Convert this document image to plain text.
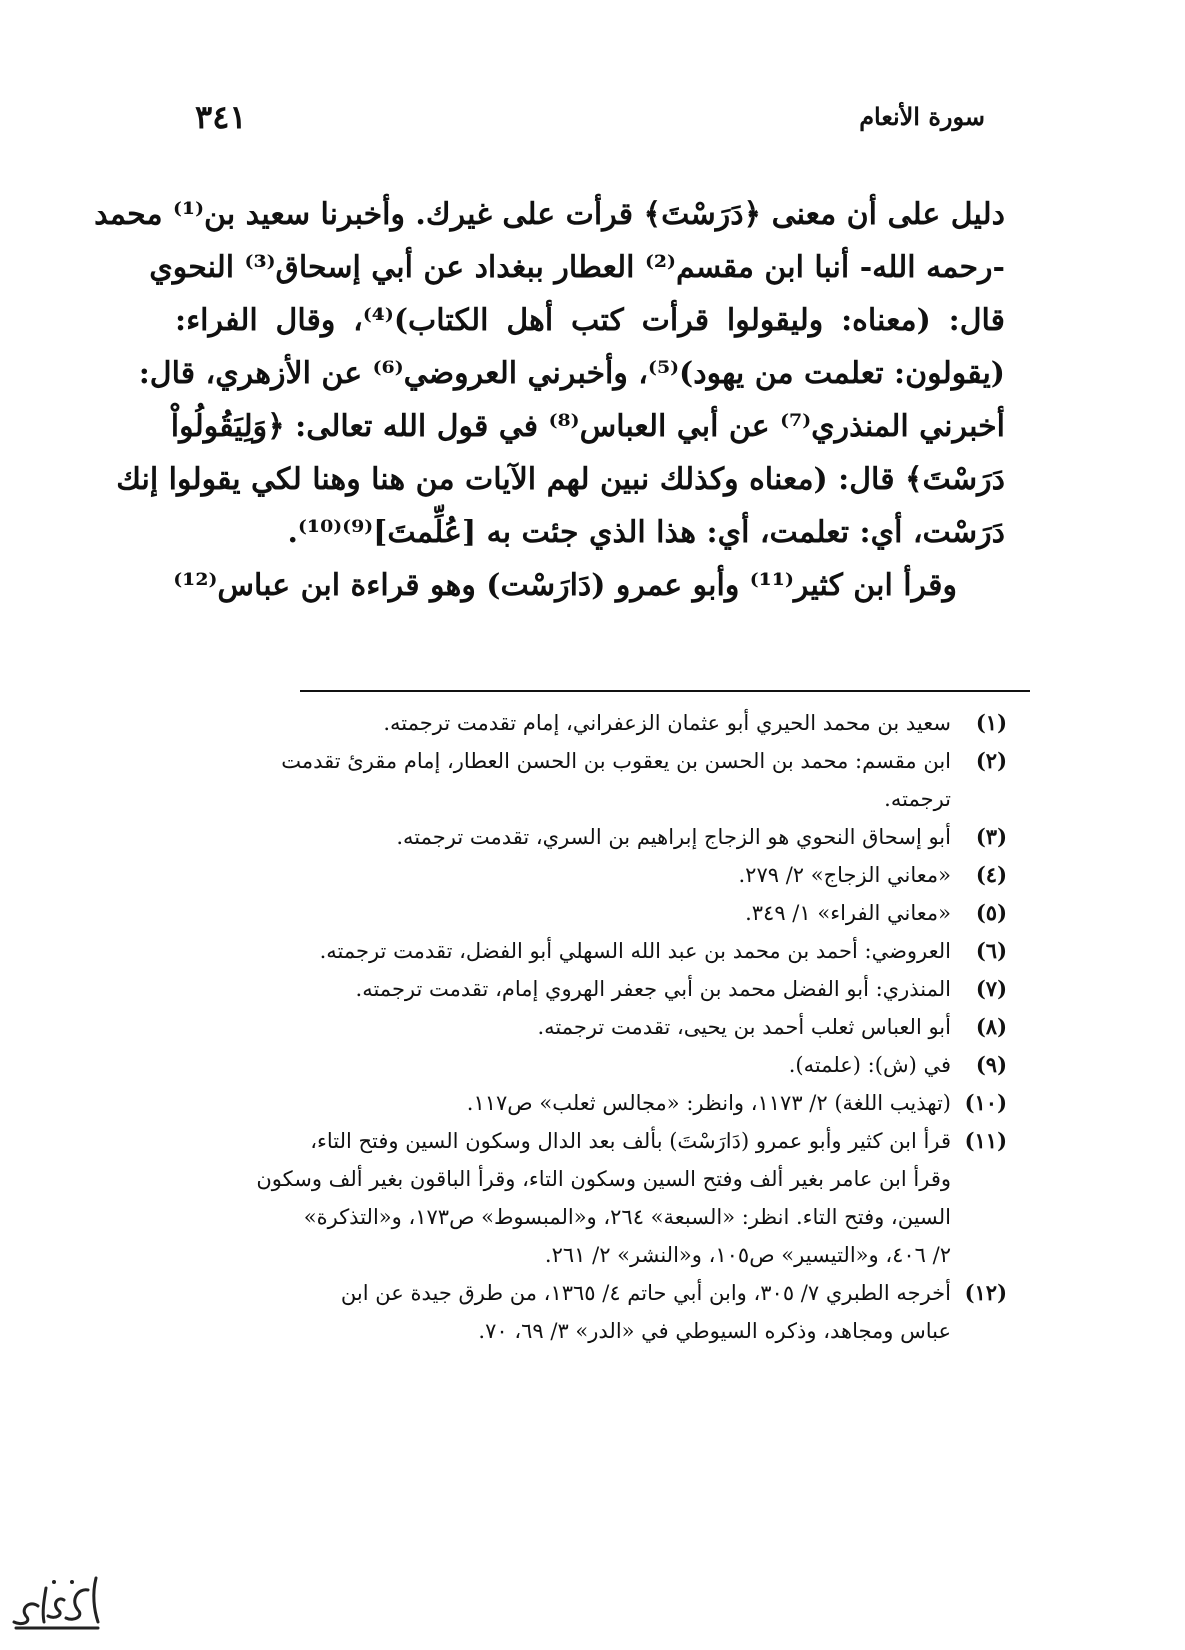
سورة الأنعام
٣٤١
دليل على أن معنى ﴿دَرَسْتَ﴾ قرأت على غيرك. وأخبرنا سعيد بن⁽¹⁾ محمد
-رحمه الله- أنبا ابن مقسم⁽²⁾ العطار ببغداد عن أبي إسحاق⁽³⁾ النحوي
قال: (معناه: وليقولوا قرأت كتب أهل الكتاب)⁽⁴⁾، وقال الفراء:
(يقولون: تعلمت من يهود)⁽⁵⁾، وأخبرني العروضي⁽⁶⁾ عن الأزهري، قال:
أخبرني المنذري⁽⁷⁾ عن أبي العباس⁽⁸⁾ في قول الله تعالى: ﴿وَلِيَقُولُواْ
دَرَسْتَ﴾ قال: (معناه وكذلك نبين لهم الآيات من هنا وهنا لكي يقولوا إنك
دَرَسْت، أي: تعلمت، أي: هذا الذي جئت به [عُلِّمتَ]⁽⁹⁾⁽¹⁰⁾.
وقرأ ابن كثير⁽¹¹⁾ وأبو عمرو (دَارَسْت) وهو قراءة ابن عباس⁽¹²⁾
(١)
سعيد بن محمد الحيري أبو عثمان الزعفراني، إمام تقدمت ترجمته.
(٢)
ابن مقسم: محمد بن الحسن بن يعقوب بن الحسن العطار، إمام مقرئ تقدمت
ترجمته.
(٣)
أبو إسحاق النحوي هو الزجاج إبراهيم بن السري، تقدمت ترجمته.
(٤)
«معاني الزجاج» ٢/ ٢٧٩.
(٥)
«معاني الفراء» ١/ ٣٤٩.
(٦)
العروضي: أحمد بن محمد بن عبد الله السهلي أبو الفضل، تقدمت ترجمته.
(٧)
المنذري: أبو الفضل محمد بن أبي جعفر الهروي إمام، تقدمت ترجمته.
(٨)
أبو العباس ثعلب أحمد بن يحيى، تقدمت ترجمته.
(٩)
في (ش): (علمته).
(١٠)
(تهذيب اللغة) ٢/ ١١٧٣، وانظر: «مجالس ثعلب» ص١١٧.
(١١)
قرأ ابن كثير وأبو عمرو (دَارَسْتَ) بألف بعد الدال وسكون السين وفتح التاء،
وقرأ ابن عامر بغير ألف وفتح السين وسكون التاء، وقرأ الباقون بغير ألف وسكون
السين، وفتح التاء. انظر: «السبعة» ٢٦٤، و«المبسوط» ص١٧٣، و«التذكرة»
٢/ ٤٠٦، و«التيسير» ص١٠٥، و«النشر» ٢/ ٢٦١.
(١٢)
أخرجه الطبري ٧/ ٣٠٥، وابن أبي حاتم ٤/ ١٣٦٥، من طرق جيدة عن ابن
عباس ومجاهد، وذكره السيوطي في «الدر» ٣/ ٦٩، ٧٠.
